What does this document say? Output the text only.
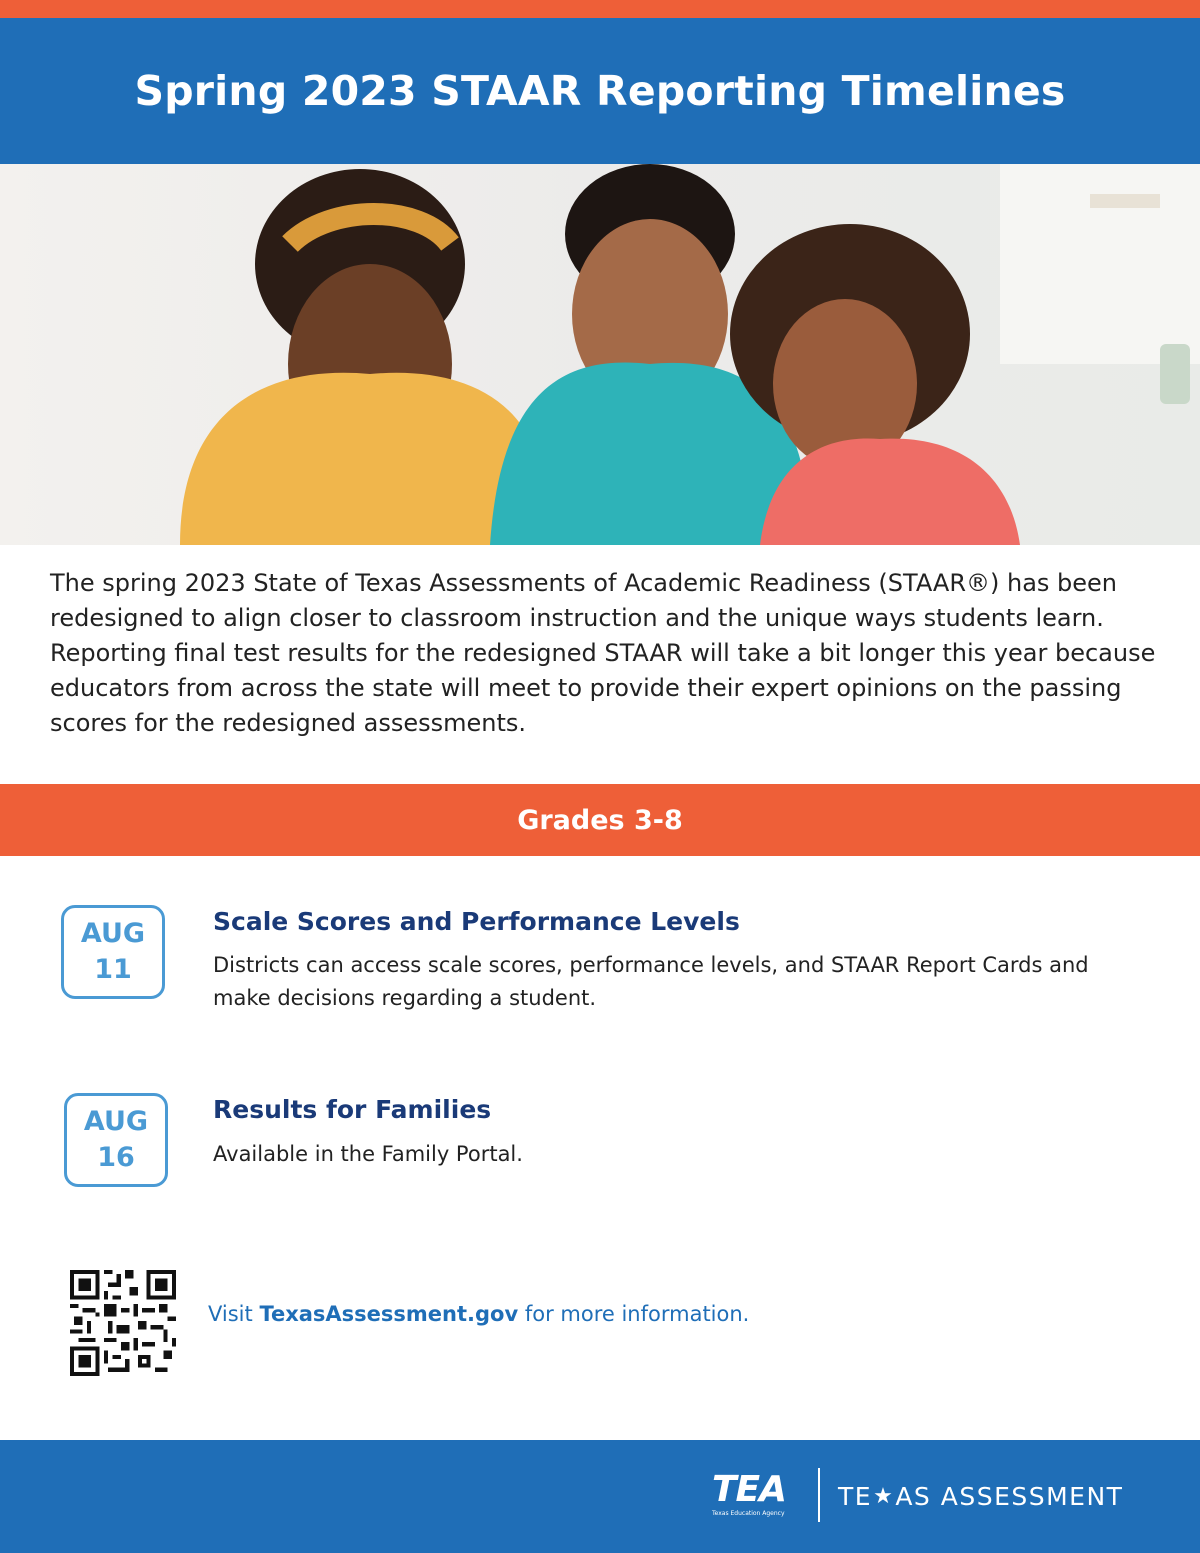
Spring 2023 STAAR Reporting Timelines

The spring 2023 State of Texas Assessments of Academic Readiness (STAAR®) has been redesigned to align closer to classroom instruction and the unique ways students learn. Reporting final test results for the redesigned STAAR will take a bit longer this year because educators from across the state will meet to provide their expert opinions on the passing scores for the redesigned assessments.

Grades 3-8
AUG
11
Scale Scores and Performance Levels

Districts can access scale scores, performance levels, and STAAR Report Cards and make decisions regarding a student.

AUG
16
Results for Families

Available in the Family Portal.

Visit TexasAssessment.gov for more information.

TEA
Texas Education Agency
TE ★ AS ASSESSMENT
